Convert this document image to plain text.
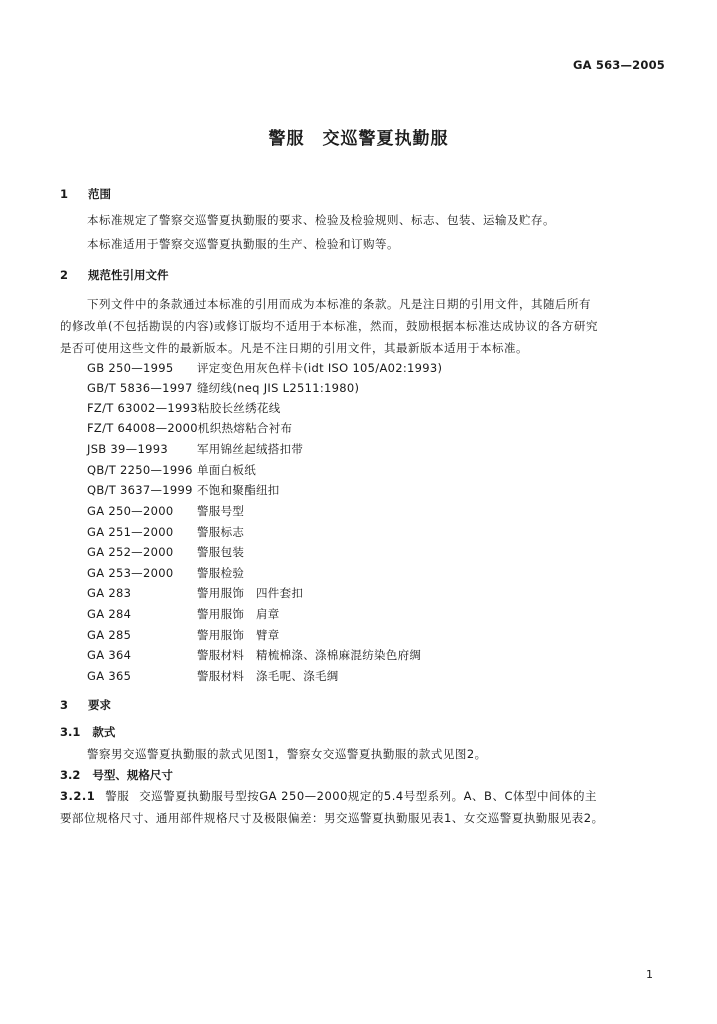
GA 563—2005
警服　交巡警夏执勤服
1 范围
本标准规定了警察交巡警夏执勤服的要求、检验及检验规则、标志、包装、运输及贮存。
本标准适用于警察交巡警夏执勤服的生产、检验和订购等。
2 规范性引用文件
下列文件中的条款通过本标准的引用而成为本标准的条款。凡是注日期的引用文件，其随后所有
的修改单(不包括勘误的内容)或修订版均不适用于本标准，然而，鼓励根据本标准达成协议的各方研究
是否可使用这些文件的最新版本。凡是不注日期的引用文件，其最新版本适用于本标准。
GB 250—1995 评定变色用灰色样卡(idt ISO 105/A02:1993)
GB/T 5836—1997 缝纫线(neq JIS L2511:1980)
FZ/T 63002—1993粘胶长丝绣花线
FZ/T 64008—2000机织热熔粘合衬布
JSB 39—1993	军用锦丝起绒搭扣带
QB/T 2250—1996 单面白板纸
QB/T 3637—1999 不饱和聚酯纽扣
GA 250—2000 警服号型
GA 251—2000 警服标志
GA 252—2000 警服包装
GA 253—2000 警服检验
GA 283	警用服饰　四件套扣
GA 284	警用服饰　肩章
GA 285	警用服饰　臂章
GA 364	警服材料　精梳棉涤、涤棉麻混纺染色府绸
GA 365	警服材料　涤毛呢、涤毛绸
3 要求
3.1 款式
警察男交巡警夏执勤服的款式见图1，警察女交巡警夏执勤服的款式见图2。
3.2 号型、规格尺寸
3.2.1 警服 交巡警夏执勤服号型按GA 250—2000规定的5.4号型系列。A、B、C体型中间体的主
要部位规格尺寸、通用部件规格尺寸及极限偏差：男交巡警夏执勤服见表1、女交巡警夏执勤服见表2。
1
